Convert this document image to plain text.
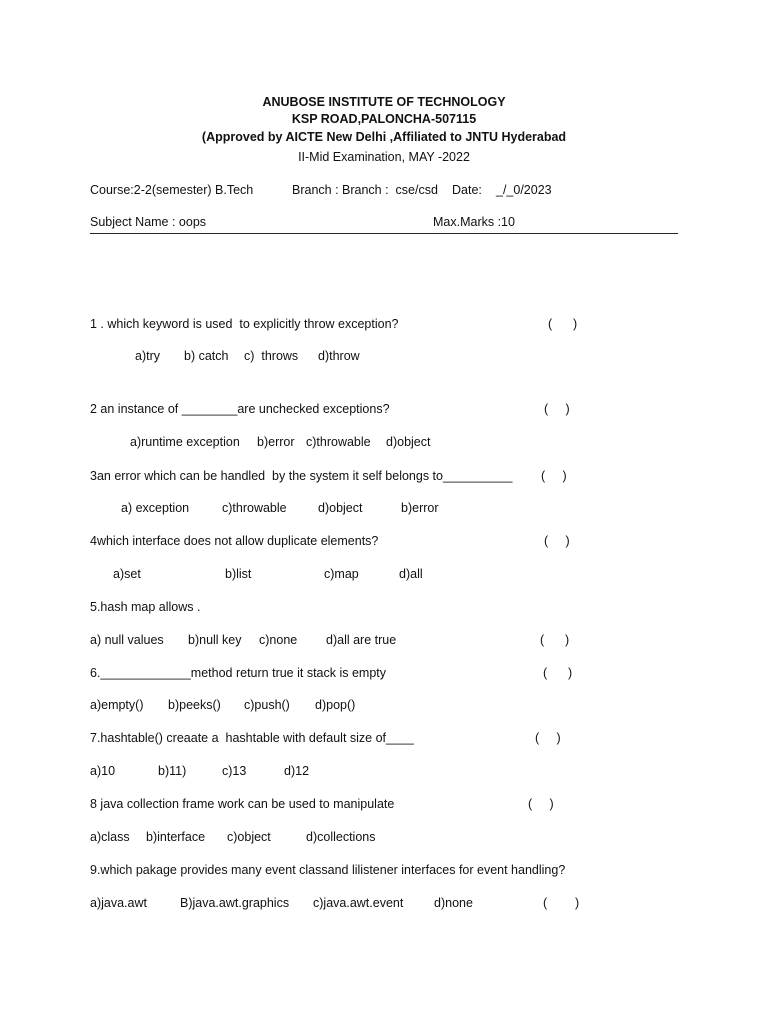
ANUBOSE INSTITUTE OF TECHNOLOGY
KSP ROAD,PALONCHA-507115
(Approved by AICTE New Delhi ,Affiliated to JNTU Hyderabad
II-Mid Examination, MAY -2022
Course:2-2(semester) B.Tech	Branch : Branch :  cse/csd Date: _/_0/2023
Subject Name : oops	Max.Marks :10
1 . which keyword is used  to explicitly throw exception?	(      )
a)try b) catch c)  throws d)throw
2 an instance of ________are unchecked exceptions?	(     )
a)runtime exception b)error c)throwable d)object
3an error which can be handled  by the system it self belongs to__________ (     )
a) exception	c)throwable	d)object	b)error
4which interface does not allow duplicate elements?	(     )
a)set	b)list	c)map	d)all
5.hash map allows .
a) null values b)null key c)none d)all are true	(      )
6._____________method return true it stack is empty	(      )
a)empty() b)peeks() c)push() d)pop()
7.hashtable() creaate a  hashtable with default size of____	(     )
a)10	b)11)	c)13	d)12
8 java collection frame work can be used to manipulate	(     )
a)class b)interface c)object	d)collections
9.which pakage provides many event classand lilistener interfaces for event handling?
a)java.awt	B)java.awt.graphics c)java.awt.event d)none	(        )
